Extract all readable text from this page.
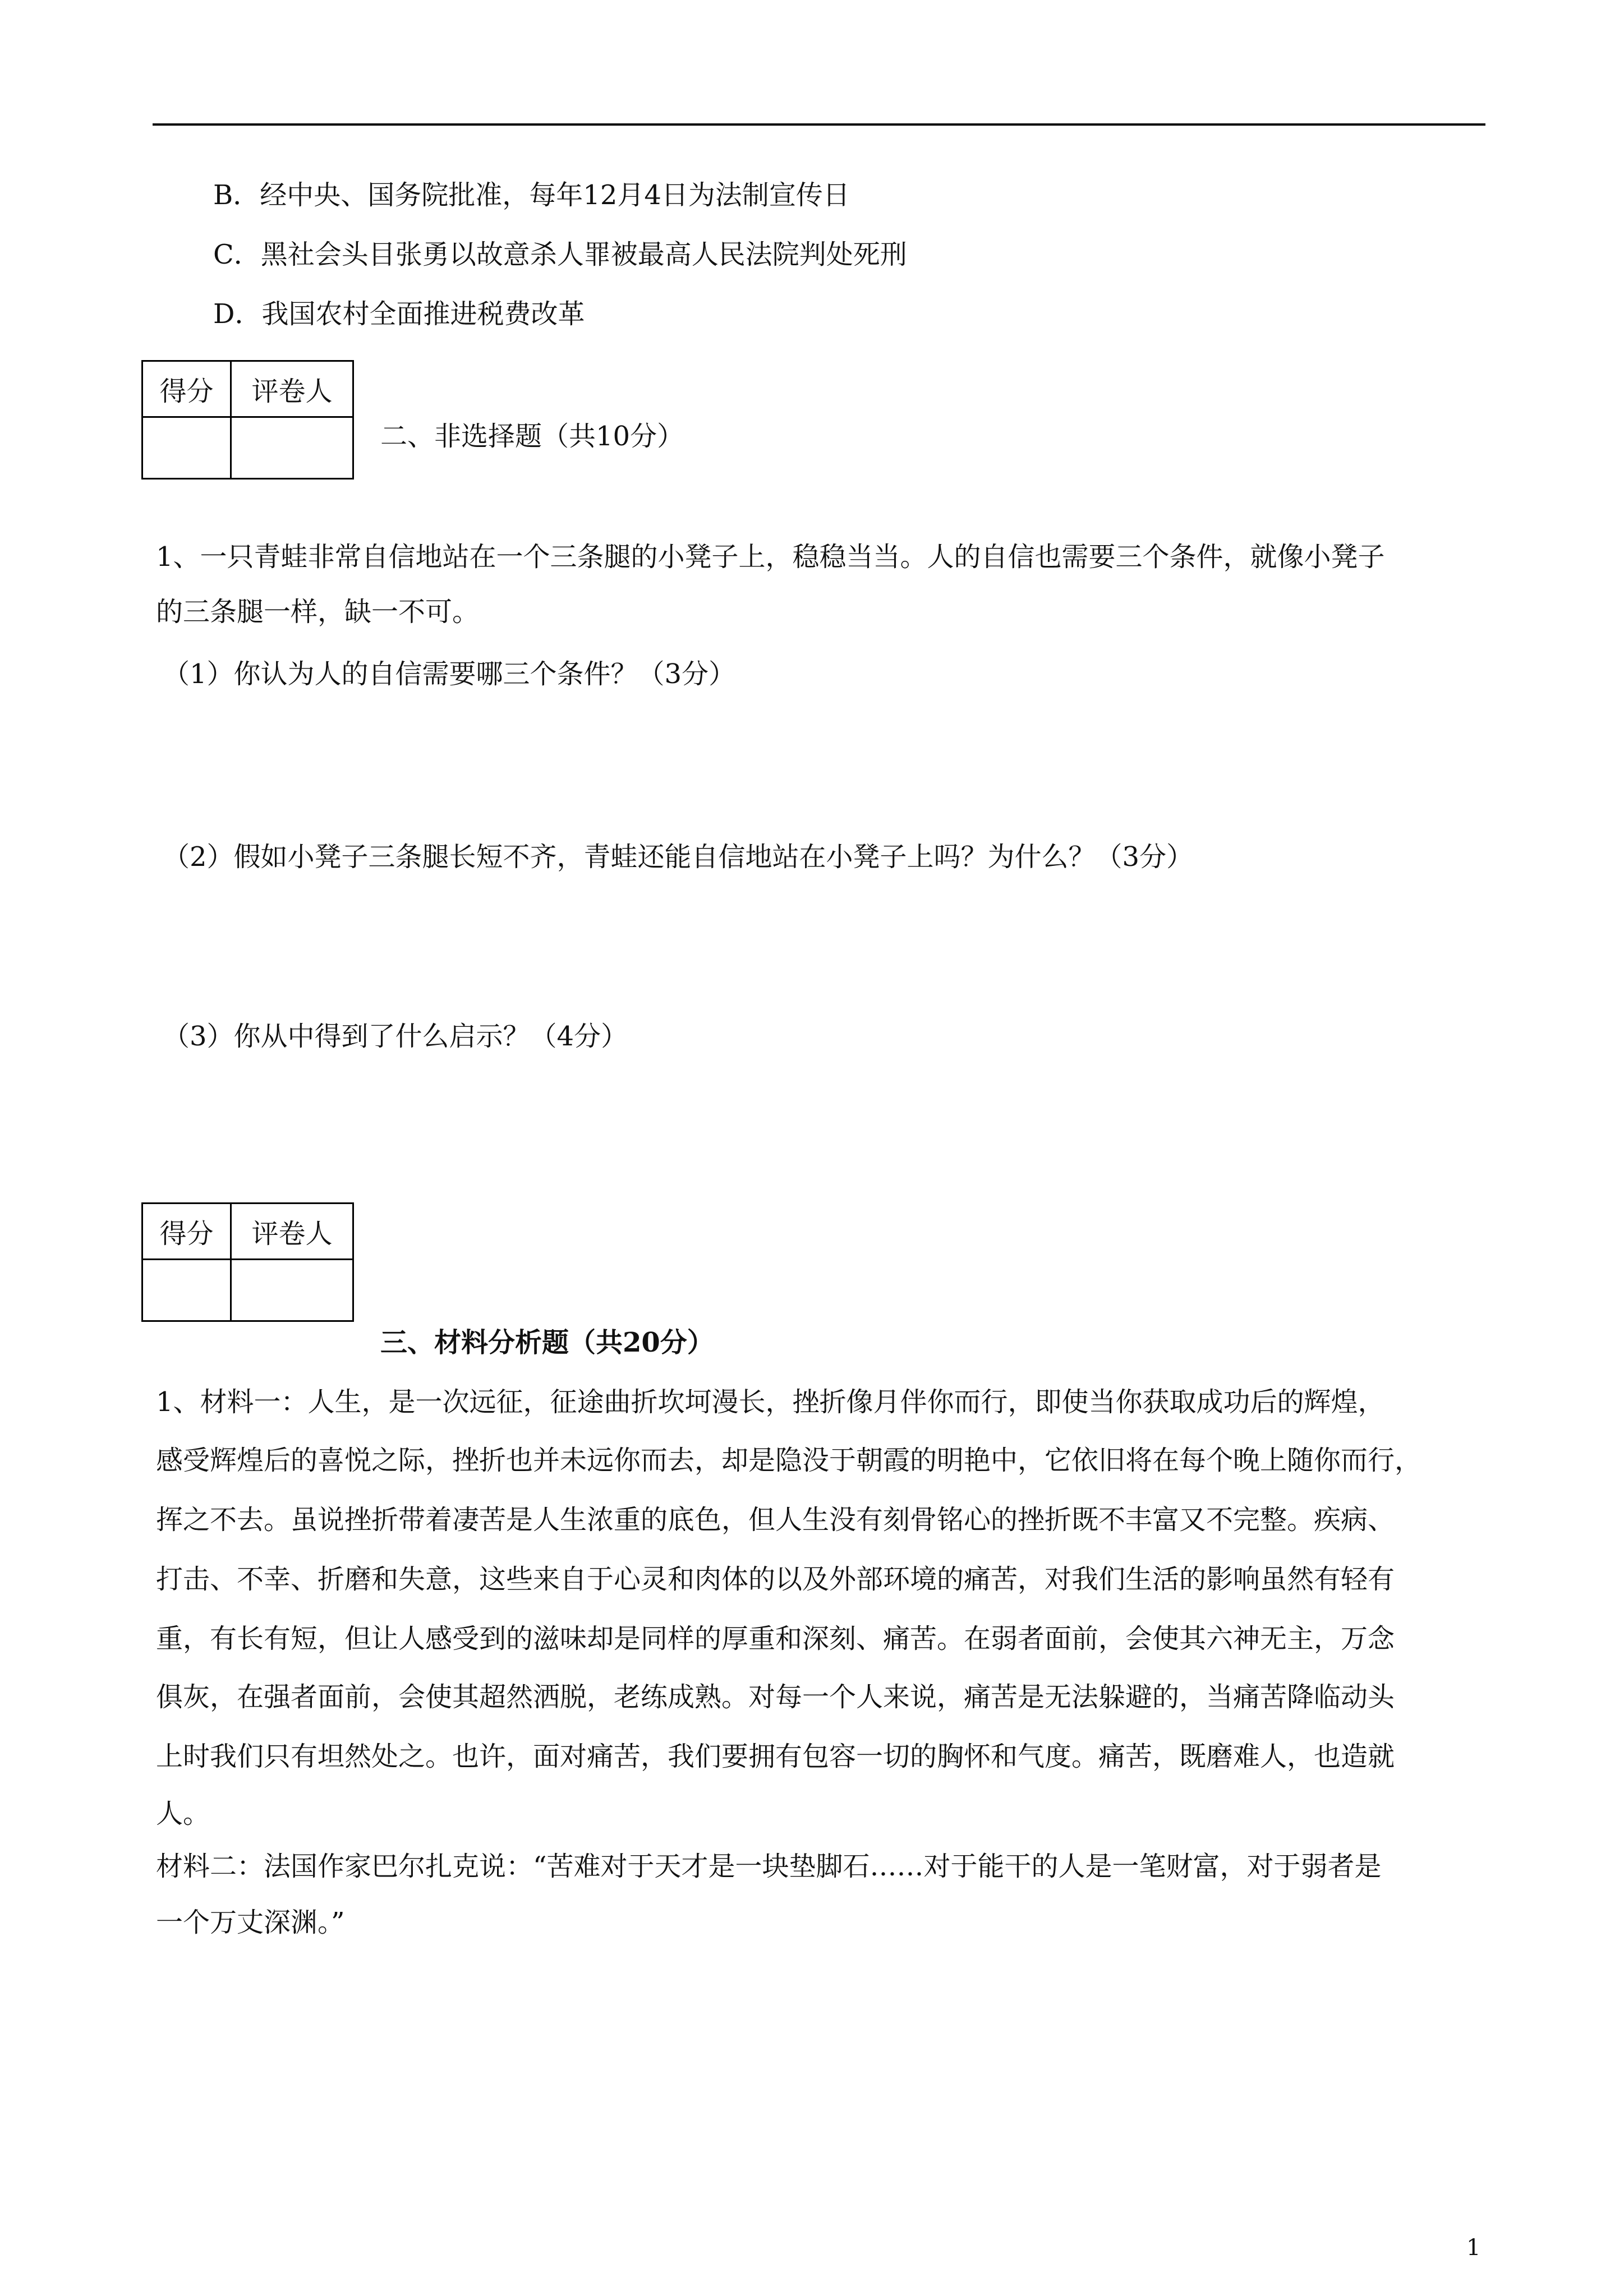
B．经中央、国务院批准，每年12月4日为法制宣传日
C．黑社会头目张勇以故意杀人罪被最高人民法院判处死刑
D．我国农村全面推进税费改革
得分	评卷人

二、非选择题（共10分）
1、一只青蛙非常自信地站在一个三条腿的小凳子上，稳稳当当。人的自信也需要三个条件，就像小凳子
的三条腿一样，缺一不可。
（1）你认为人的自信需要哪三个条件？（3分）
（2）假如小凳子三条腿长短不齐，青蛙还能自信地站在小凳子上吗？为什么？（3分）
（3）你从中得到了什么启示？（4分）
得分	评卷人

三、材料分析题（共20分）
1、材料一：人生，是一次远征，征途曲折坎坷漫长，挫折像月伴你而行，即使当你获取成功后的辉煌，
感受辉煌后的喜悦之际，挫折也并未远你而去，却是隐没于朝霞的明艳中，它依旧将在每个晚上随你而行，
挥之不去。虽说挫折带着凄苦是人生浓重的底色，但人生没有刻骨铭心的挫折既不丰富又不完整。疾病、
打击、不幸、折磨和失意，这些来自于心灵和肉体的以及外部环境的痛苦，对我们生活的影响虽然有轻有
重，有长有短，但让人感受到的滋味却是同样的厚重和深刻、痛苦。在弱者面前，会使其六神无主，万念
俱灰，在强者面前，会使其超然洒脱，老练成熟。对每一个人来说，痛苦是无法躲避的，当痛苦降临动头
上时我们只有坦然处之。也许，面对痛苦，我们要拥有包容一切的胸怀和气度。痛苦，既磨难人，也造就
人。
材料二：法国作家巴尔扎克说：“苦难对于天才是一块垫脚石……对于能干的人是一笔财富，对于弱者是
一个万丈深渊。”
1
